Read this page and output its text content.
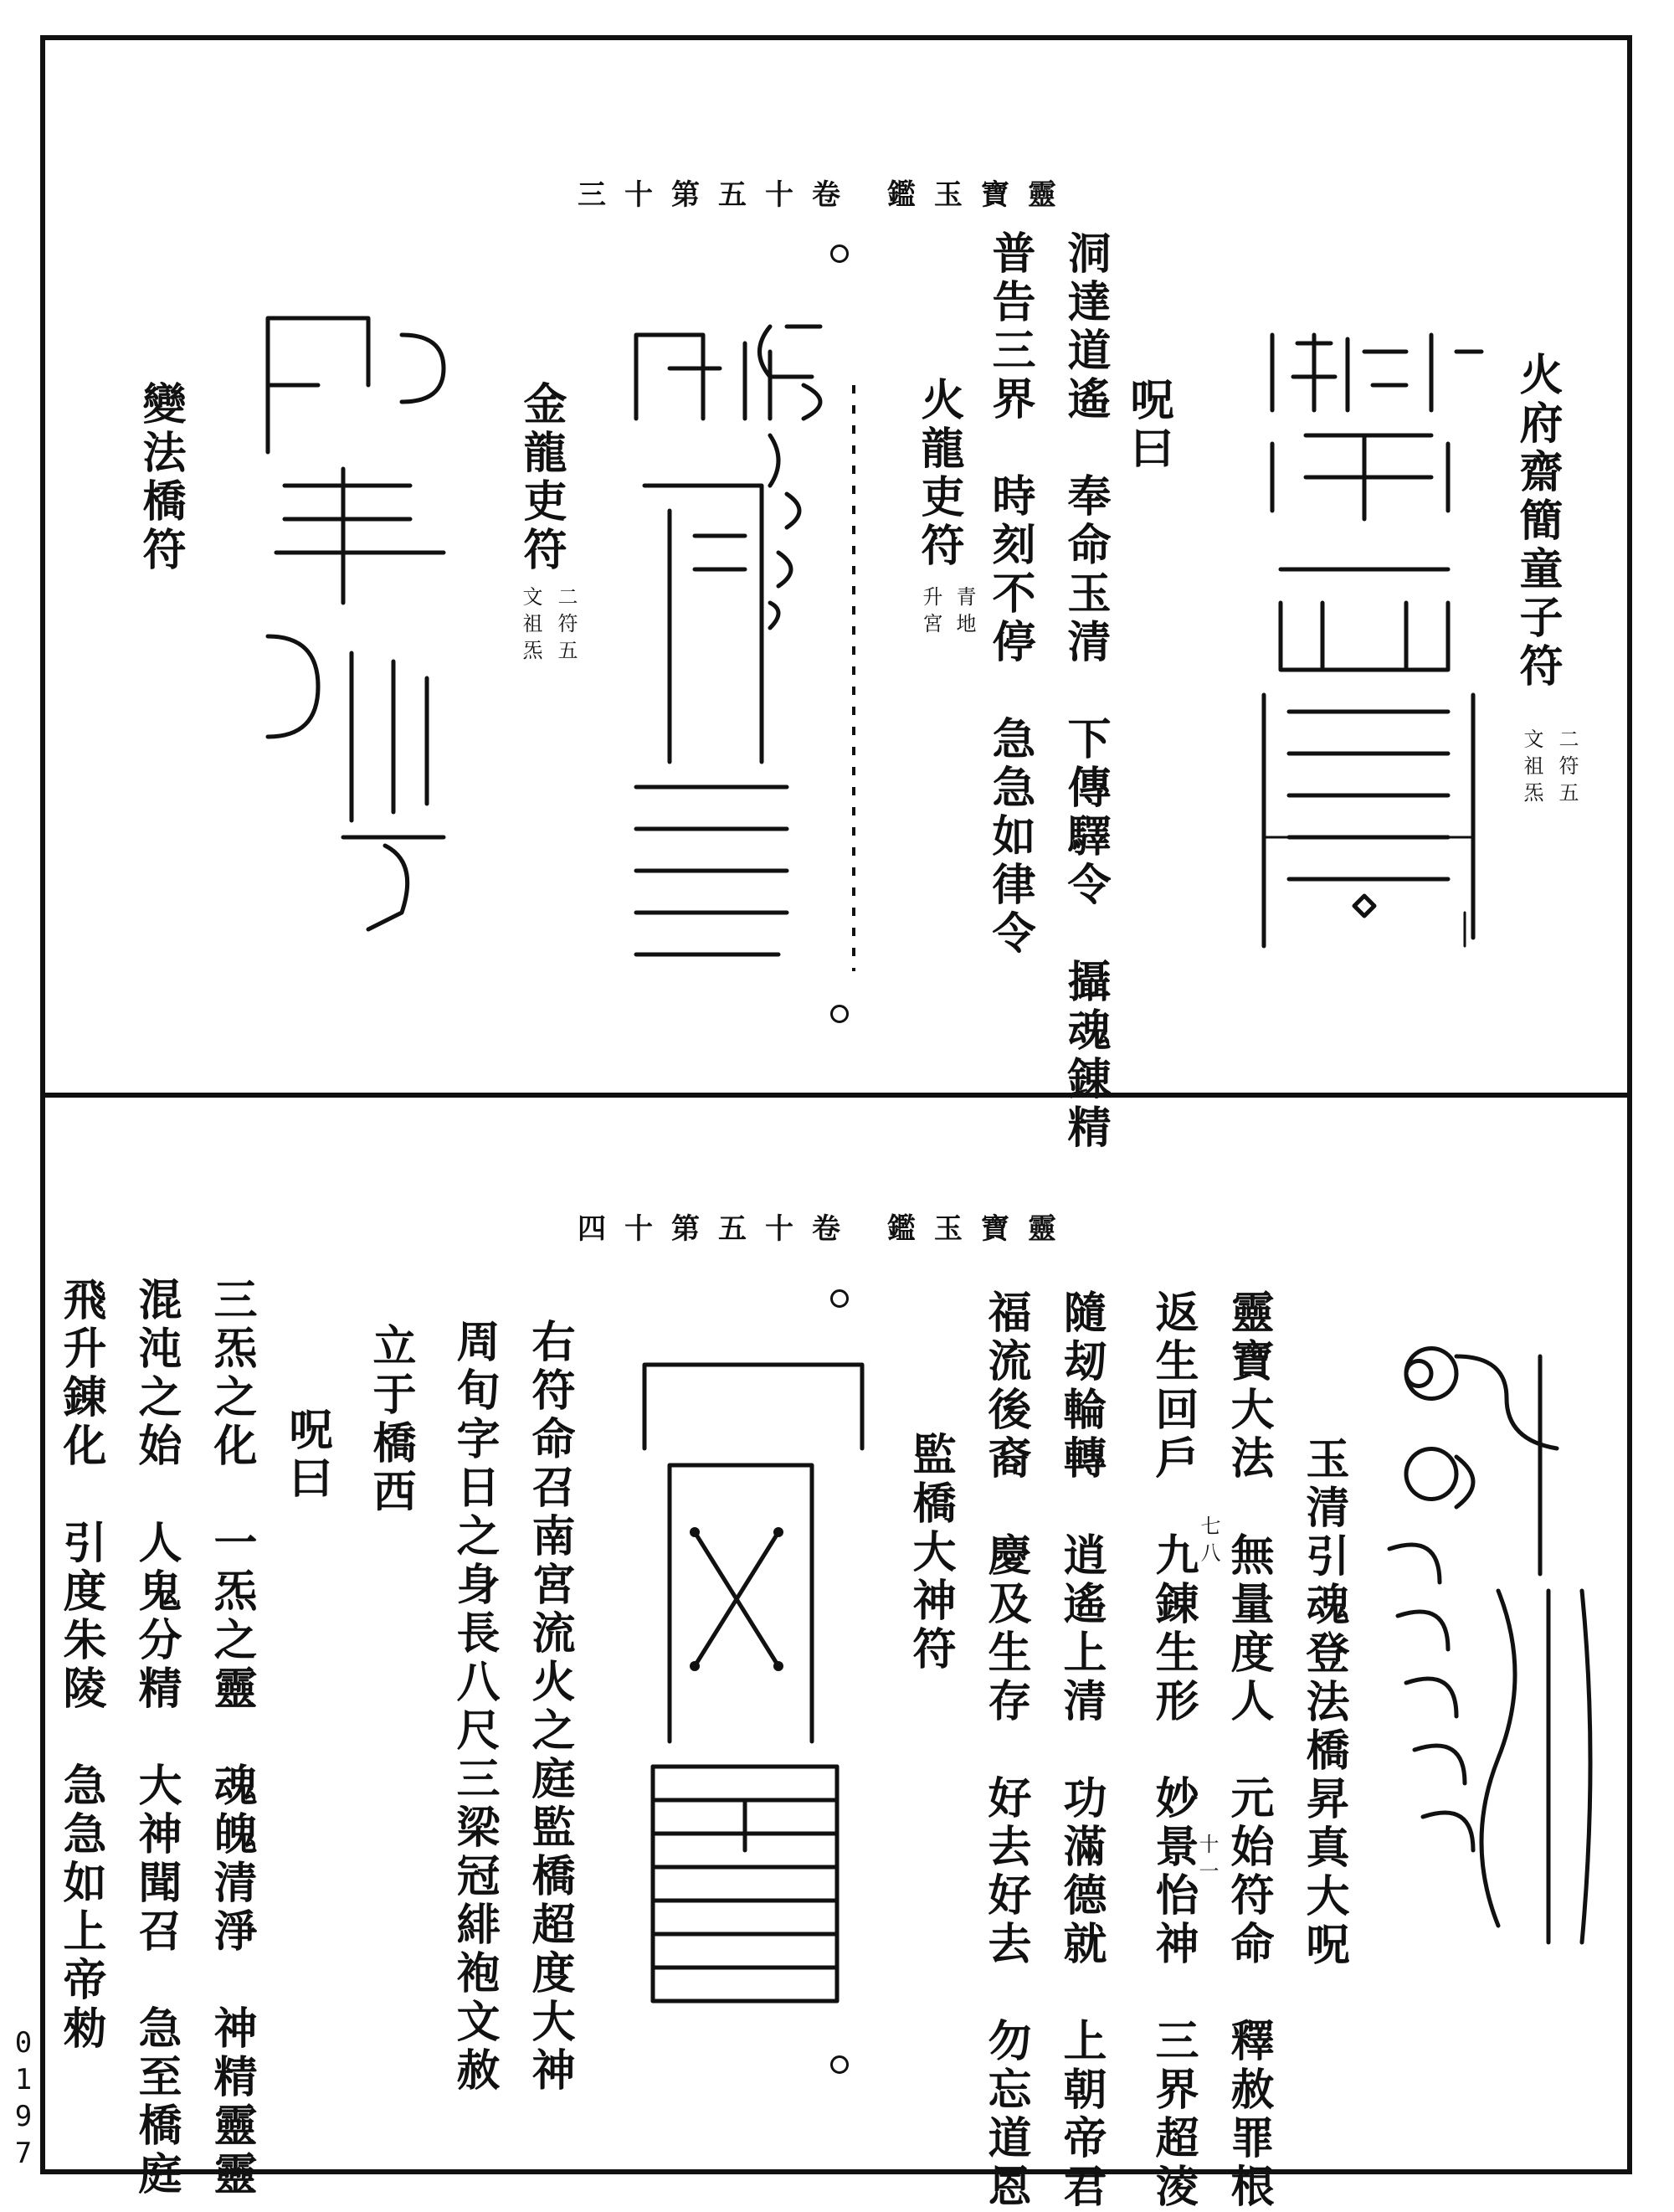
靈寶玉鑑 卷十五第十三
火府齋簡童子符
二符五
文祖炁
呪曰
洞達道遙　奉命玉清　下傳驛令　攝魂錬精
普告三界　時刻不停　急急如律令
火龍吏符
青地
升宮
金龍吏符
二符五
文祖炁
變法橋符
靈寶玉鑑 卷十五第十四
玉清引魂登法橋昇真大呪
靈寶大法　無量度人　元始符命　釋赦罪根
返生回戶　九錬生形　妙景怡神　三界超淩
七八
十一
隨刼輪轉　逍遙上清　功滿德就　上朝帝君
福流後裔　慶及生存　好去好去　勿忘道恩
監橋大神符
右符命召南宮流火之庭監橋超度大神
周旬字日之身長八尺三梁冠緋袍文赦
立于橋西
呪曰
三炁之化　一炁之靈　魂魄清淨　神精靈靈
混沌之始　人鬼分精　大神聞召　急至橋庭
飛升錬化　引度朱陵　急急如上帝勑
0197
